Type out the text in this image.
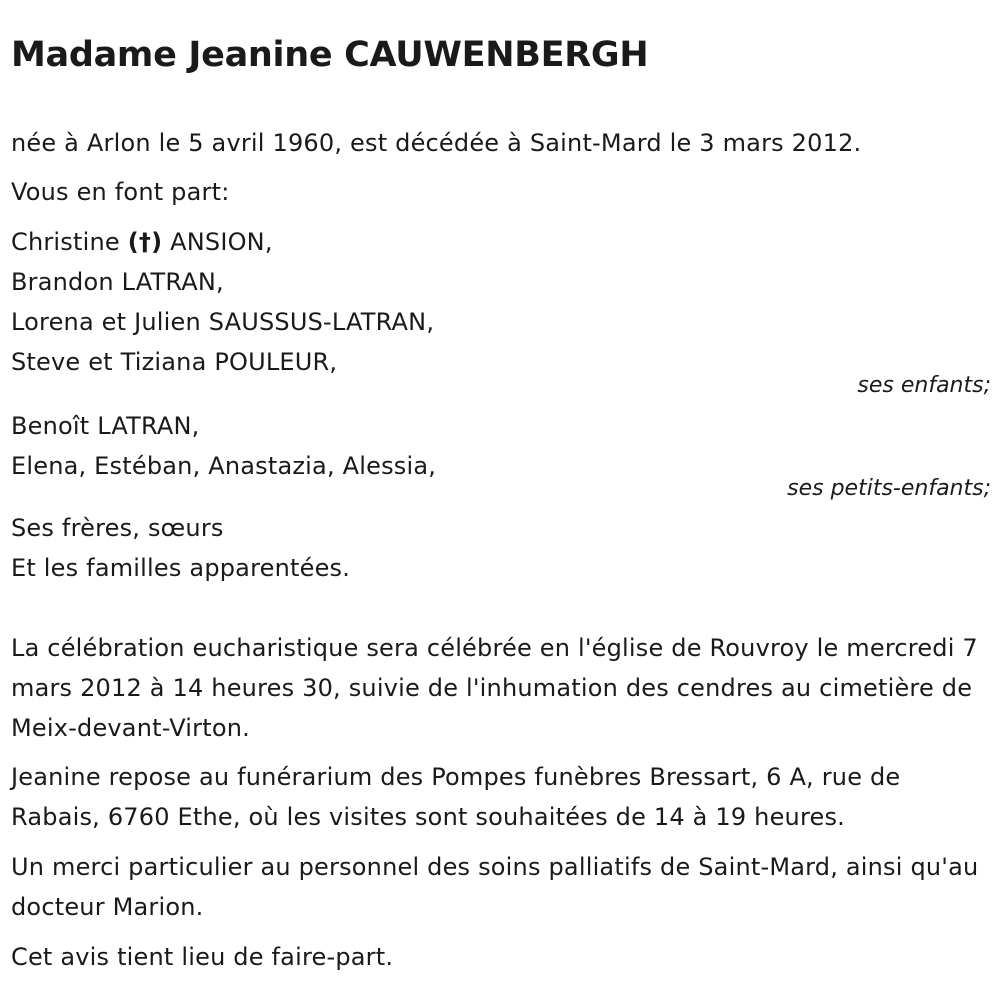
Madame Jeanine CAUWENBERGH
née à Arlon le 5 avril 1960, est décédée à Saint-Mard le 3 mars 2012.
Vous en font part:
Christine (†) ANSION,
Brandon LATRAN,
Lorena et Julien SAUSSUS-LATRAN,
Steve et Tiziana POULEUR,
ses enfants;
Benoît LATRAN,
Elena, Estéban, Anastazia, Alessia,
ses petits-enfants;
Ses frères, sœurs
Et les familles apparentées.
La célébration eucharistique sera célébrée en l'église de Rouvroy le mercredi 7 mars 2012 à 14 heures 30, suivie de l'inhumation des cendres au cimetière de Meix-devant-Virton.
Jeanine repose au funérarium des Pompes funèbres Bressart, 6 A, rue de Rabais, 6760 Ethe, où les visites sont souhaitées de 14 à 19 heures.
Un merci particulier au personnel des soins palliatifs de Saint-Mard, ainsi qu'au docteur Marion.
Cet avis tient lieu de faire-part.
